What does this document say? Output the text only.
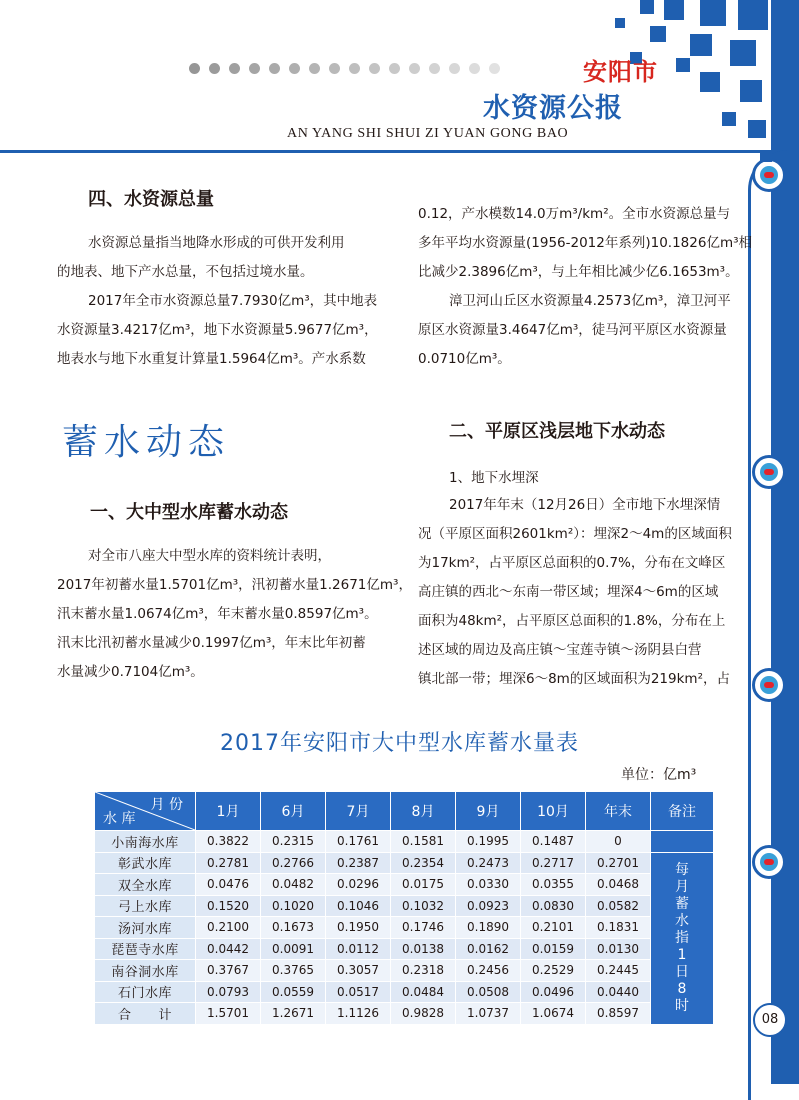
安阳市
水资源公报
AN YANG SHI SHUI ZI YUAN GONG BAO
四、水资源总量
水资源总量指当地降水形成的可供开发利用
的地表、地下产水总量，不包括过境水量。
2017年全市水资源总量7.7930亿m³，其中地表
水资源量3.4217亿m³，地下水资源量5.9677亿m³，
地表水与地下水重复计算量1.5964亿m³。产水系数
蓄水动态
一、大中型水库蓄水动态
对全市八座大中型水库的资料统计表明，
2017年初蓄水量1.5701亿m³，汛初蓄水量1.2671亿m³，
汛末蓄水量1.0674亿m³，年末蓄水量0.8597亿m³。
汛末比汛初蓄水量减少0.1997亿m³，年末比年初蓄
水量减少0.7104亿m³。
0.12，产水模数14.0万m³/km²。全市水资源总量与
多年平均水资源量(1956-2012年系列)10.1826亿m³相
比减少2.3896亿m³，与上年相比减少亿6.1653m³。
漳卫河山丘区水资源量4.2573亿m³，漳卫河平
原区水资源量3.4647亿m³，徒马河平原区水资源量
0.0710亿m³。
二、平原区浅层地下水动态
1、地下水埋深
2017年年末（12月26日）全市地下水埋深情
况（平原区面积2601km²）：埋深2～4m的区域面积
为17km²，占平原区总面积的0.7%，分布在文峰区
高庄镇的西北～东南一带区域；埋深4～6m的区域
面积为48km²，占平原区总面积的1.8%，分布在上
述区域的周边及高庄镇～宝莲寺镇～汤阴县白营
镇北部一带；埋深6～8m的区域面积为219km²，占
2017年安阳市大中型水库蓄水量表
单位：亿m³
月 份
水 库	1月	6月	7月	8月	9月	10月	年末	备注
小南海水库	0.3822	0.2315	0.1761	0.1581	0.1995	0.1487	0	
彰武水库	0.2781	0.2766	0.2387	0.2354	0.2473	0.2717	0.2701	每月蓄水指1日8时

双全水库	0.0476	0.0482	0.0296	0.0175	0.0330	0.0355	0.0468	
弓上水库	0.1520	0.1020	0.1046	0.1032	0.0923	0.0830	0.0582	
汤河水库	0.2100	0.1673	0.1950	0.1746	0.1890	0.2101	0.1831	
琵琶寺水库	0.0442	0.0091	0.0112	0.0138	0.0162	0.0159	0.0130	
南谷洞水库	0.3767	0.3765	0.3057	0.2318	0.2456	0.2529	0.2445	
石门水库	0.0793	0.0559	0.0517	0.0484	0.0508	0.0496	0.0440	
合　　计	1.5701	1.2671	1.1126	0.9828	1.0737	1.0674	0.8597		08
